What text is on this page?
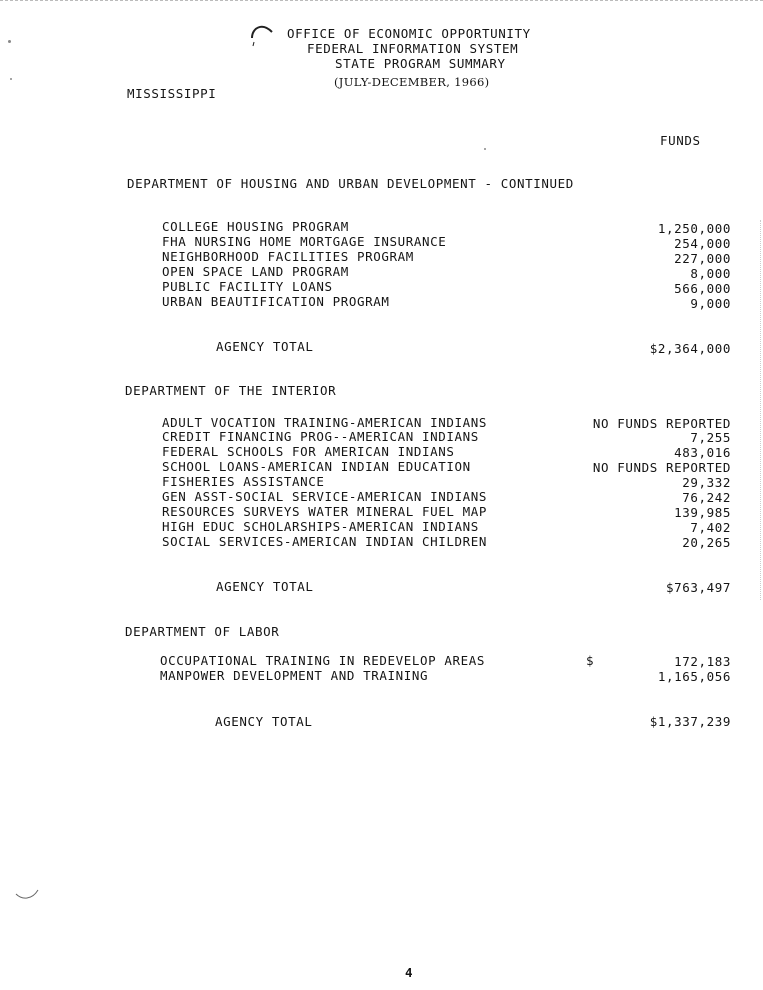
OFFICE OF ECONOMIC OPPORTUNITY
FEDERAL INFORMATION SYSTEM
STATE PROGRAM SUMMARY
(JULY-DECEMBER, 1966)
MISSISSIPPI
FUNDS
DEPARTMENT OF HOUSING AND URBAN DEVELOPMENT - CONTINUED
COLLEGE HOUSING PROGRAM	1,250,000
FHA NURSING HOME MORTGAGE INSURANCE	254,000
NEIGHBORHOOD FACILITIES PROGRAM	227,000
OPEN SPACE LAND PROGRAM	8,000
PUBLIC FACILITY LOANS	566,000
URBAN BEAUTIFICATION PROGRAM	9,000
AGENCY TOTAL	$2,364,000
DEPARTMENT OF THE INTERIOR
ADULT VOCATION TRAINING-AMERICAN INDIANS	NO FUNDS REPORTED
CREDIT FINANCING PROG--AMERICAN INDIANS	7,255
FEDERAL SCHOOLS FOR AMERICAN INDIANS	483,016
SCHOOL LOANS-AMERICAN INDIAN EDUCATION	NO FUNDS REPORTED
FISHERIES ASSISTANCE	29,332
GEN ASST-SOCIAL SERVICE-AMERICAN INDIANS	76,242
RESOURCES SURVEYS WATER MINERAL FUEL MAP	139,985
HIGH EDUC SCHOLARSHIPS-AMERICAN INDIANS	7,402
SOCIAL SERVICES-AMERICAN INDIAN CHILDREN	20,265
AGENCY TOTAL	$763,497
DEPARTMENT OF LABOR
OCCUPATIONAL TRAINING IN REDEVELOP AREAS	$	172,183
MANPOWER DEVELOPMENT AND TRAINING	1,165,056
AGENCY TOTAL	$1,337,239
4
